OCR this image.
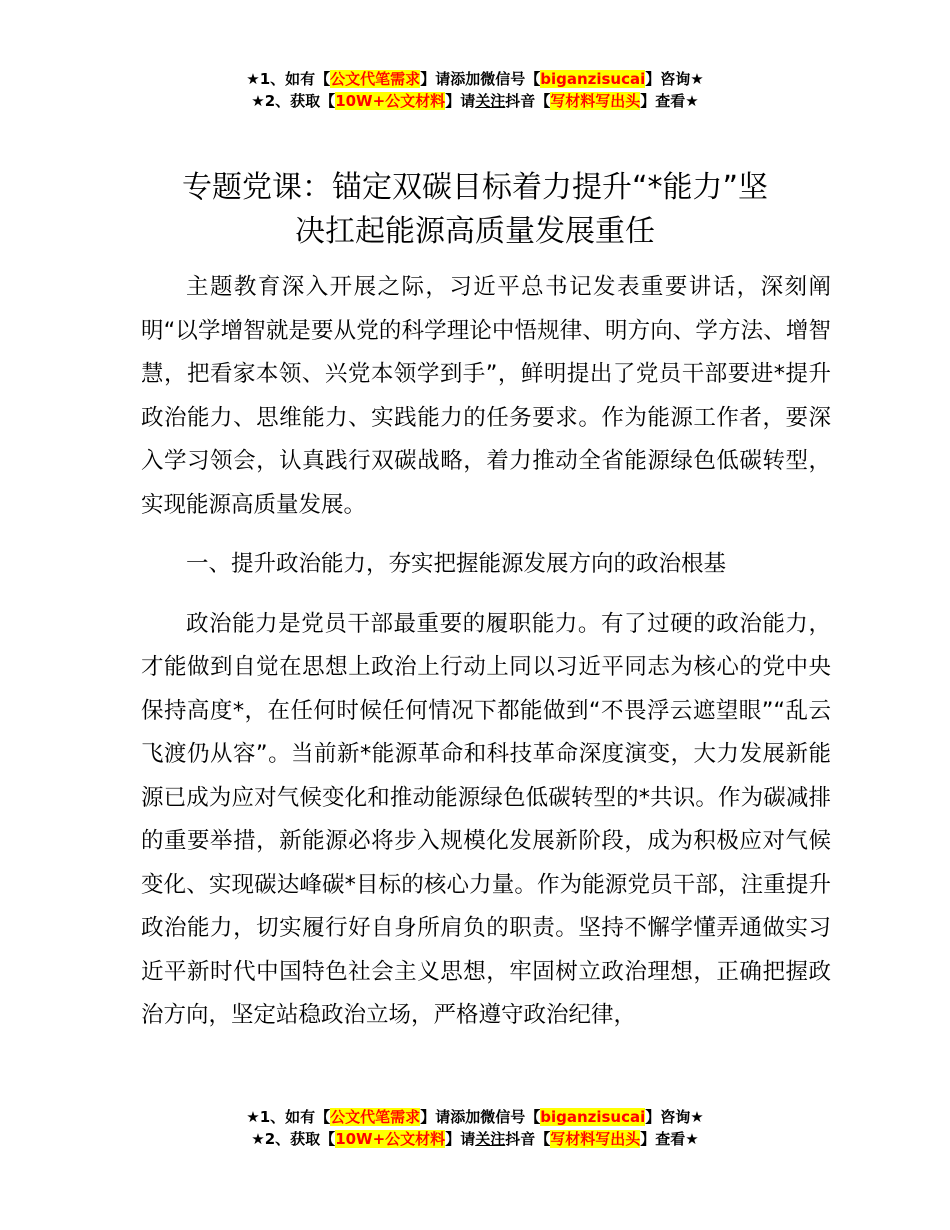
★1、如有【公文代笔需求】请添加微信号【biganzisucai】咨询★
★2、获取【10W+公文材料】请关注抖音【写材料写出头】查看★
专题党课：锚定双碳目标着力提升“*能力”坚
决扛起能源高质量发展重任

主题教育深入开展之际，习近平总书记发表重要讲话，深刻阐明“以学增智就是要从党的科学理论中悟规律、明方向、学方法、增智慧，把看家本领、兴党本领学到手”，鲜明提出了党员干部要进*提升政治能力、思维能力、实践能力的任务要求。作为能源工作者，要深入学习领会，认真践行双碳战略，着力推动全省能源绿色低碳转型，实现能源高质量发展。

一、提升政治能力，夯实把握能源发展方向的政治根基

政治能力是党员干部最重要的履职能力。有了过硬的政治能力，才能做到自觉在思想上政治上行动上同以习近平同志为核心的党中央保持高度*，在任何时候任何情况下都能做到“不畏浮云遮望眼”“乱云飞渡仍从容”。当前新*能源革命和科技革命深度演变，大力发展新能源已成为应对气候变化和推动能源绿色低碳转型的*共识。作为碳减排的重要举措，新能源必将步入规模化发展新阶段，成为积极应对气候变化、实现碳达峰碳*目标的核心力量。作为能源党员干部，注重提升政治能力，切实履行好自身所肩负的职责。坚持不懈学懂弄通做实习近平新时代中国特色社会主义思想，牢固树立政治理想，正确把握政治方向，坚定站稳政治立场，严格遵守政治纪律，

★1、如有【公文代笔需求】请添加微信号【biganzisucai】咨询★
★2、获取【10W+公文材料】请关注抖音【写材料写出头】查看★
